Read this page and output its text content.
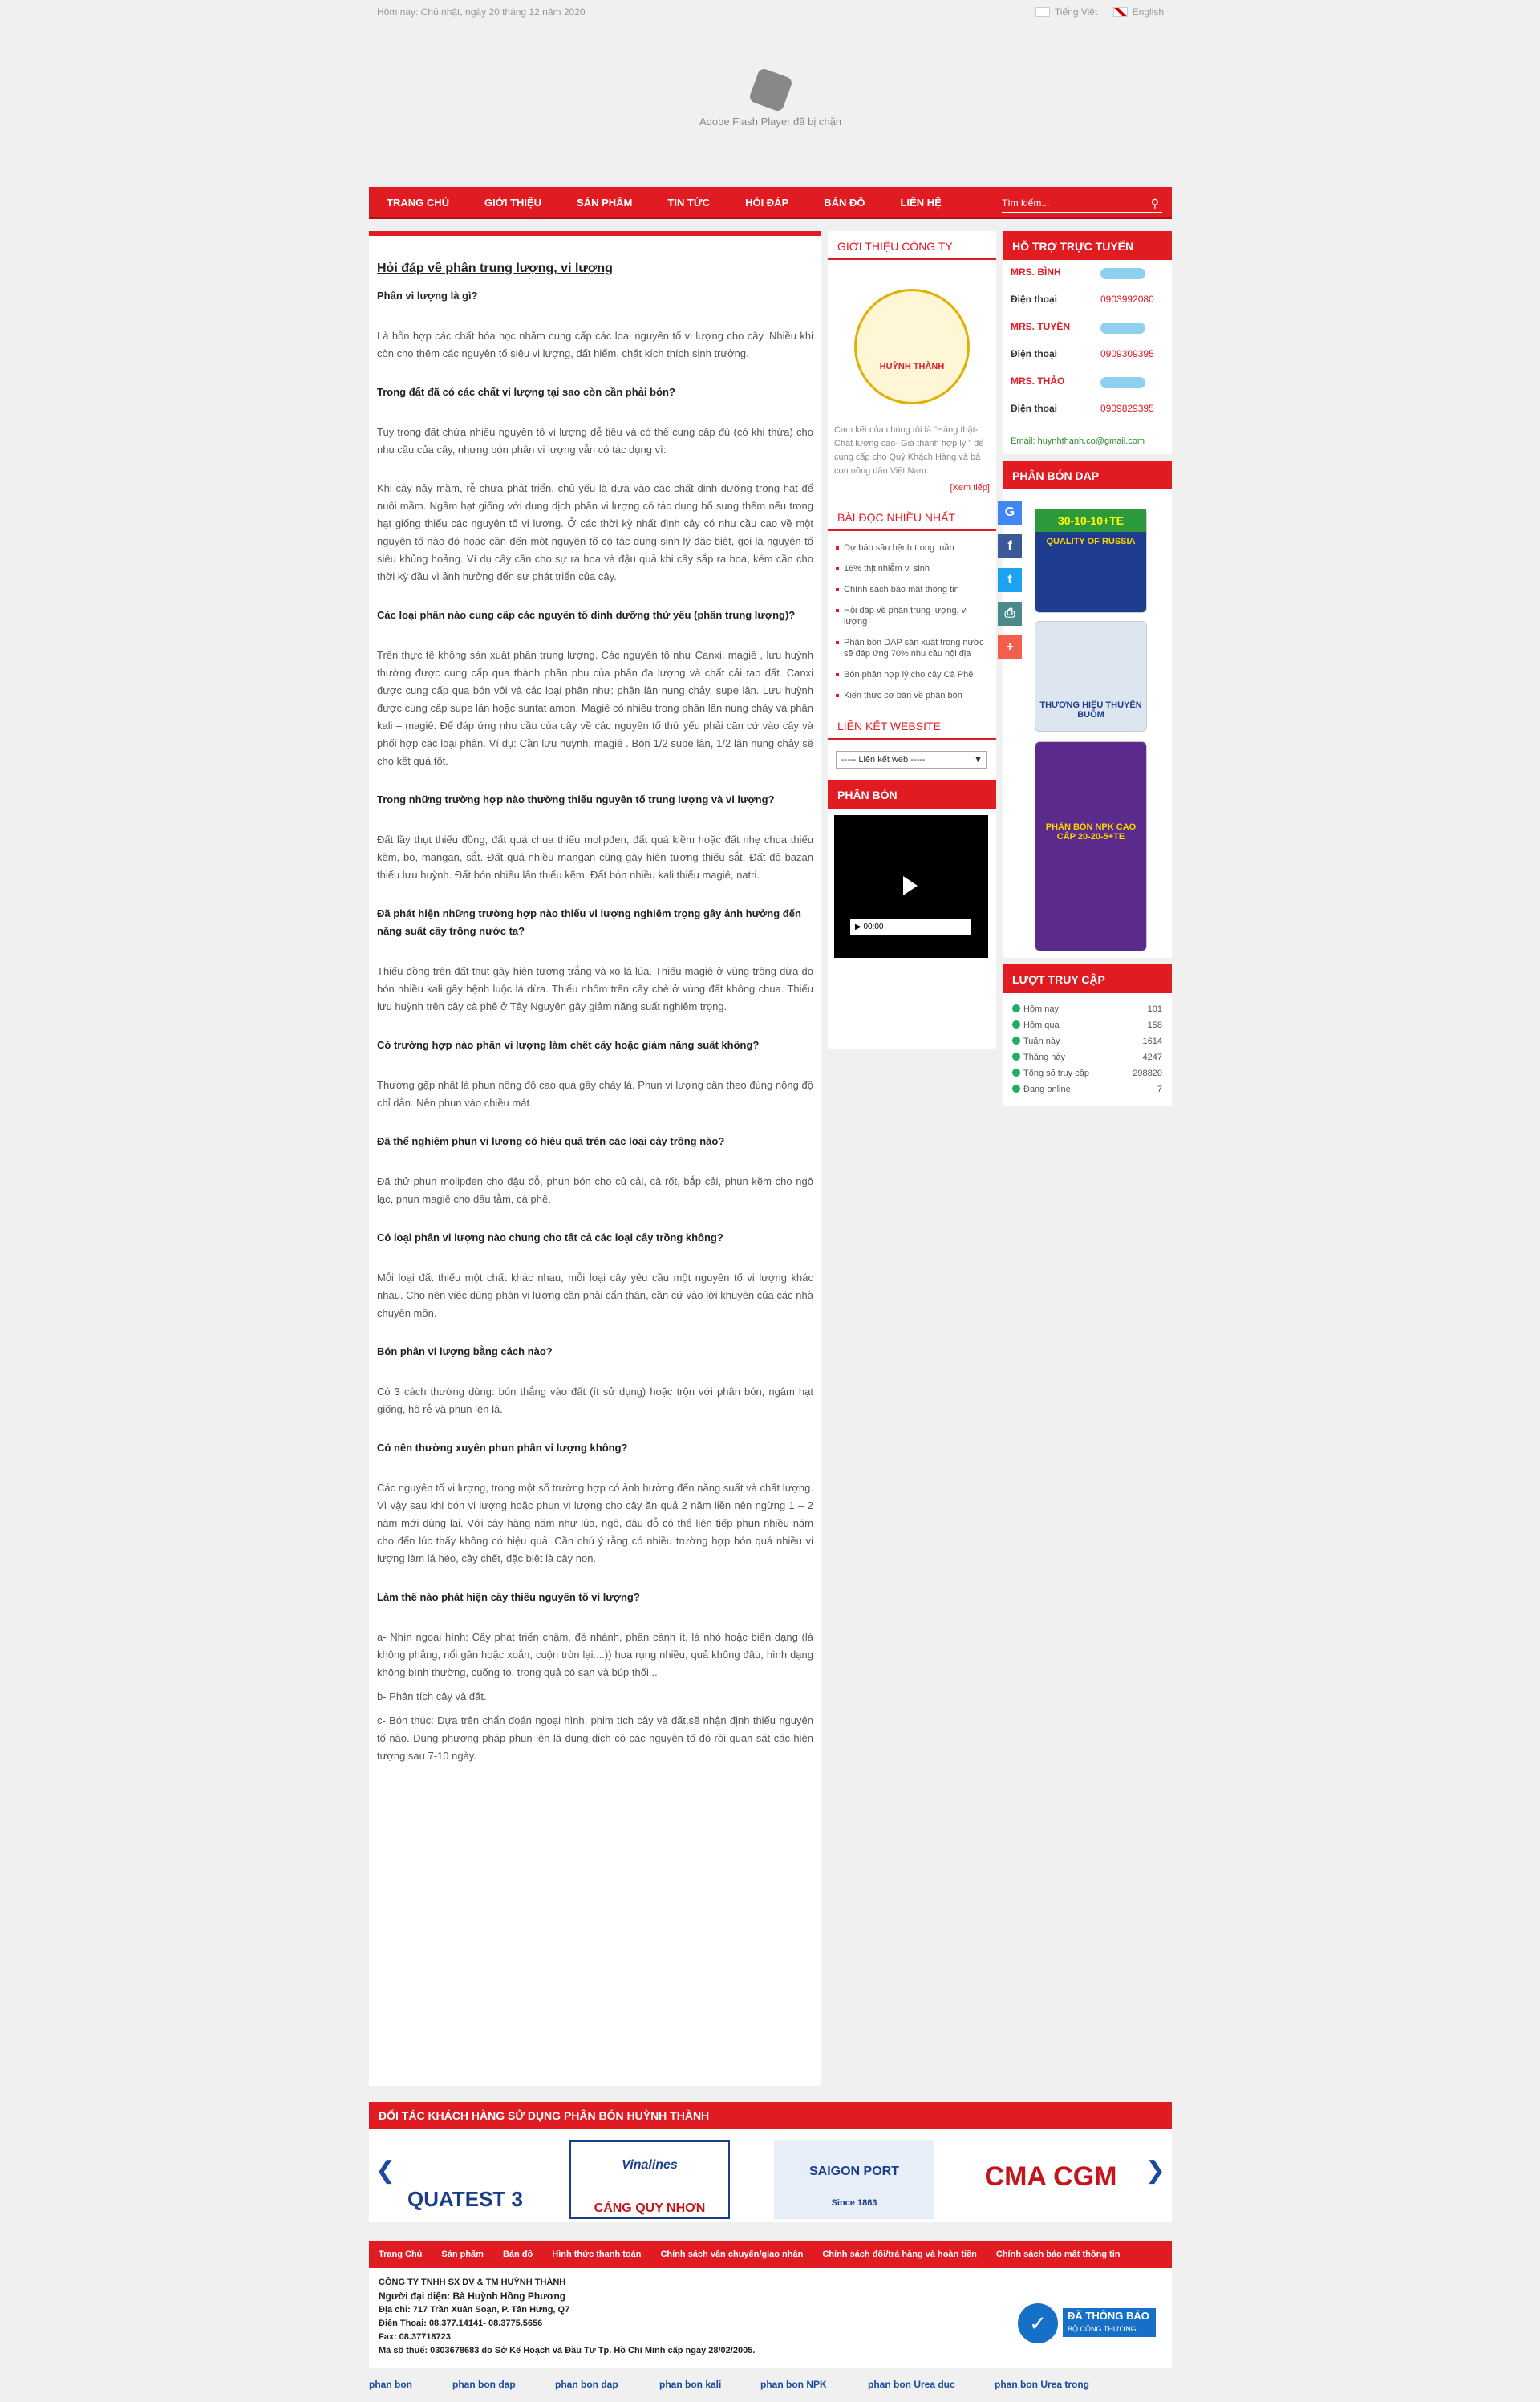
Hôm nay: Chủ nhật, ngày 20 tháng 12 năm 2020	Tiếng Việt	English
Adobe Flash Player đã bị chặn
TRANG CHỦ	GIỚI THIỆU	SẢN PHẨM	TIN TỨC	HỎI ĐÁP	BẢN ĐỒ	LIÊN HỆ	Tìm kiếm...	⚲
Hỏi đáp về phân trung lượng, vi lượng
Phân vi lượng là gì?

Là hỗn hợp các chất hóa học nhằm cung cấp các loại nguyên tố vi lượng cho cây. Nhiều khi còn cho thêm các nguyên tố siêu vi lượng, đất hiếm, chất kích thích sinh trưởng.

Trong đất đã có các chất vi lượng tại sao còn cần phải bón?

Tuy trong đất chứa nhiều nguyên tố vi lượng dễ tiêu và có thể cung cấp đủ (có khi thừa) cho nhu cầu của cây, nhưng bón phân vi lượng vẫn có tác dụng vì:

Khi cây nảy mầm, rễ chưa phát triển, chủ yếu là dựa vào các chất dinh dưỡng trong hạt để nuôi mầm. Ngâm hạt giống với dung dịch phân vi lượng có tác dụng bổ sung thêm nếu trong hạt giống thiếu các nguyên tố vi lượng. Ở các thời kỳ nhất định cây có nhu cầu cao về một nguyên tố nào đó hoặc cần đến một nguyên tố có tác dụng sinh lý đặc biệt, gọi là nguyên tố siêu khủng hoảng. Ví dụ cây cần cho sự ra hoa và đậu quả khi cây sắp ra hoa, kém cần cho thời kỳ đầu vì ảnh hưởng đến sự phát triển của cây.

Các loại phân nào cung cấp các nguyên tố dinh dưỡng thứ yếu (phân trung lượng)?

Trên thực tế không sản xuất phân trung lượng. Các nguyên tố như Canxi, magiê , lưu huỳnh thường được cung cấp qua thành phần phụ của phân đa lượng và chất cải tạo đất. Canxi được cung cấp qua bón vôi và các loại phân như: phân lân nung chảy, supe lân. Lưu huỳnh được cung cấp supe lân hoặc suntat amon. Magiê có nhiều trong phân lân nung chảy và phân kali – magiê. Để đáp ứng nhu cầu của cây về các nguyên tố thứ yếu phải căn cứ vào cây và phối hợp các loại phân. Ví dụ: Cần lưu huỳnh, magiê . Bón 1/2 supe lân, 1/2 lân nung chảy sẽ cho kết quả tốt.

Trong những trường hợp nào thường thiếu nguyên tố trung lượng và vi lượng?

Đất lầy thụt thiếu đồng, đất quá chua thiếu molipđen, đất quá kiềm hoặc đất nhẹ chua thiếu kẽm, bo, mangan, sắt. Đất quá nhiều mangan cũng gây hiện tượng thiếu sắt. Đất đỏ bazan thiếu lưu huỳnh. Đất bón nhiều lân thiếu kẽm. Đất bón nhiều kali thiếu magiê, natri.

Đã phát hiện những trường hợp nào thiếu vi lượng nghiêm trọng gây ảnh hưởng đến năng suất cây trồng nước ta?

Thiếu đồng trên đất thụt gây hiện tượng trắng và xo lá lúa. Thiếu magiê ở vùng trồng dừa do bón nhiều kali gây bệnh luộc lá dừa. Thiếu nhôm trên cây chè ở vùng đất không chua. Thiếu lưu huỳnh trên cây cà phê ở Tây Nguyên gây giảm năng suất nghiêm trọng.

Có trường hợp nào phân vi lượng làm chết cây hoặc giảm năng suất không?

Thường gặp nhất là phun nồng độ cao quá gây cháy lá. Phun vi lượng cần theo đúng nồng độ chỉ dẫn. Nên phun vào chiều mát.

Đã thể nghiệm phun vi lượng có hiệu quả trên các loại cây trồng nào?

Đã thử phun molipđen cho đậu đỗ, phun bón cho củ cải, cà rốt, bắp cải, phun kẽm cho ngô lạc, phun magiê cho dâu tằm, cà phê.

Có loại phân vi lượng nào chung cho tất cả các loại cây trồng không?

Mỗi loại đất thiếu một chất khác nhau, mỗi loại cây yêu cầu một nguyên tố vi lượng khác nhau. Cho nên việc dùng phân vi lượng cần phải cẩn thận, cần cứ vào lời khuyên của các nhà chuyên môn.

Bón phân vi lượng bằng cách nào?

Có 3 cách thường dùng: bón thẳng vào đất (ít sử dụng) hoặc trộn với phân bón, ngâm hạt giống, hồ rễ và phun lên lá.

Có nên thường xuyên phun phân vi lượng không?

Các nguyên tố vi lượng, trong một số trường hợp có ảnh hưởng đến năng suất và chất lượng. Vì vậy sau khi bón vi lượng hoặc phun vi lượng cho cây ăn quả 2 năm liền nên ngừng 1 – 2 năm mới dùng lại. Với cây hàng năm như lúa, ngô, đậu đỗ có thể liên tiếp phun nhiều năm cho đến lúc thấy không có hiệu quả. Cần chú ý rằng có nhiều trường hợp bón quá nhiều vi lượng làm lá héo, cây chết, đặc biệt là cây non.

Làm thế nào phát hiện cây thiếu nguyên tố vi lượng?

a- Nhìn ngoại hình: Cây phát triển chậm, đẻ nhánh, phân cành ít, lá nhỏ hoặc biến dạng (lá không phẳng, nổi gân hoặc xoắn, cuộn tròn lại....)) hoa rụng nhiều, quả không đậu, hình dạng không bình thường, cuống to, trong quả có sạn và búp thối...

b- Phân tích cây và đất.

c- Bón thúc: Dựa trên chẩn đoán ngoại hình, phim tích cây và đất,sẽ nhận định thiếu nguyên tố nào. Dùng phương pháp phun lên lá dung dịch có các nguyên tố đó rồi quan sát các hiện tượng sau 7-10 ngày.

GIỚI THIỆU CÔNG TY
HUỲNH THÀNH
Cam kết của chúng tôi là "Hàng thật- Chất lượng cao- Giá thành hợp lý " để cung cấp cho Quý Khách Hàng và bà con nông dân Việt Nam.
[Xem tiếp]
BÀI ĐỌC NHIỀU NHẤT
Dự báo sâu bệnh trong tuần
16% thịt nhiễm vi sinh
Chính sách bảo mật thông tin
Hỏi đáp về phân trung lượng, vi lượng
Phân bón DAP sản xuất trong nước sẽ đáp ứng 70% nhu cầu nội địa
Bón phân hợp lý cho cây Cà Phê
Kiến thức cơ bản về phân bón
LIÊN KẾT WEBSITE
----- Liên kết web -----	▼
PHÂN BÓN
▶ 00:00
HỖ TRỢ TRỰC TUYẾN
MRS. BÌNH
Điện thoại	0903992080
MRS. TUYỀN
Điện thoại	0909309395
MRS. THẢO
Điện thoại	0909829395
Email: huynhthanh.co@gmail.com
PHÂN BÓN DAP
G
f
t
⎙
+
30-10-10+TE
QUALITY OF RUSSIA
THƯƠNG HIỆU THUYỀN BUỒM
PHÂN BÓN NPK CAO CẤP 20-20-5+TE
LƯỢT TRUY CẬP
Hôm nay	101
Hôm qua	158
Tuần này	1614
Tháng này	4247
Tổng số truy cập	298820
Đang online	7
ĐỐI TÁC KHÁCH HÀNG SỬ DỤNG PHÂN BÓN HUỲNH THÀNH
❮
QUATEST 3
Vinalines
CẢNG QUY NHƠN
SAIGON PORT
Since 1863
CMA CGM	❯
Trang Chủ	Sản phẩm	Bản đồ	Hình thức thanh toán	Chính sách vận chuyển/giao nhận	Chính sách đổi/trả hàng và hoàn tiền	Chính sách bảo mật thông tin
CÔNG TY TNHH SX DV & TM HUỲNH THÀNH
Người đại diện: Bà Huỳnh Hồng Phương
Địa chỉ: 717 Trần Xuân Soạn, P. Tân Hưng, Q7
Điện Thoại: 08.377.14141- 08.3775.5656
Fax: 08.37718723
Mã số thuế: 0303678683 do Sở Kế Hoạch và Đầu Tư Tp. Hồ Chí Minh cấp ngày 28/02/2005.
✓	ĐÃ THÔNG BÁO
BỘ CÔNG THƯƠNG
phan bon	phan bon dap	phan bon dap	phan bon kali	phan bon NPK	phan bon Urea duc	phan bon Urea trong
